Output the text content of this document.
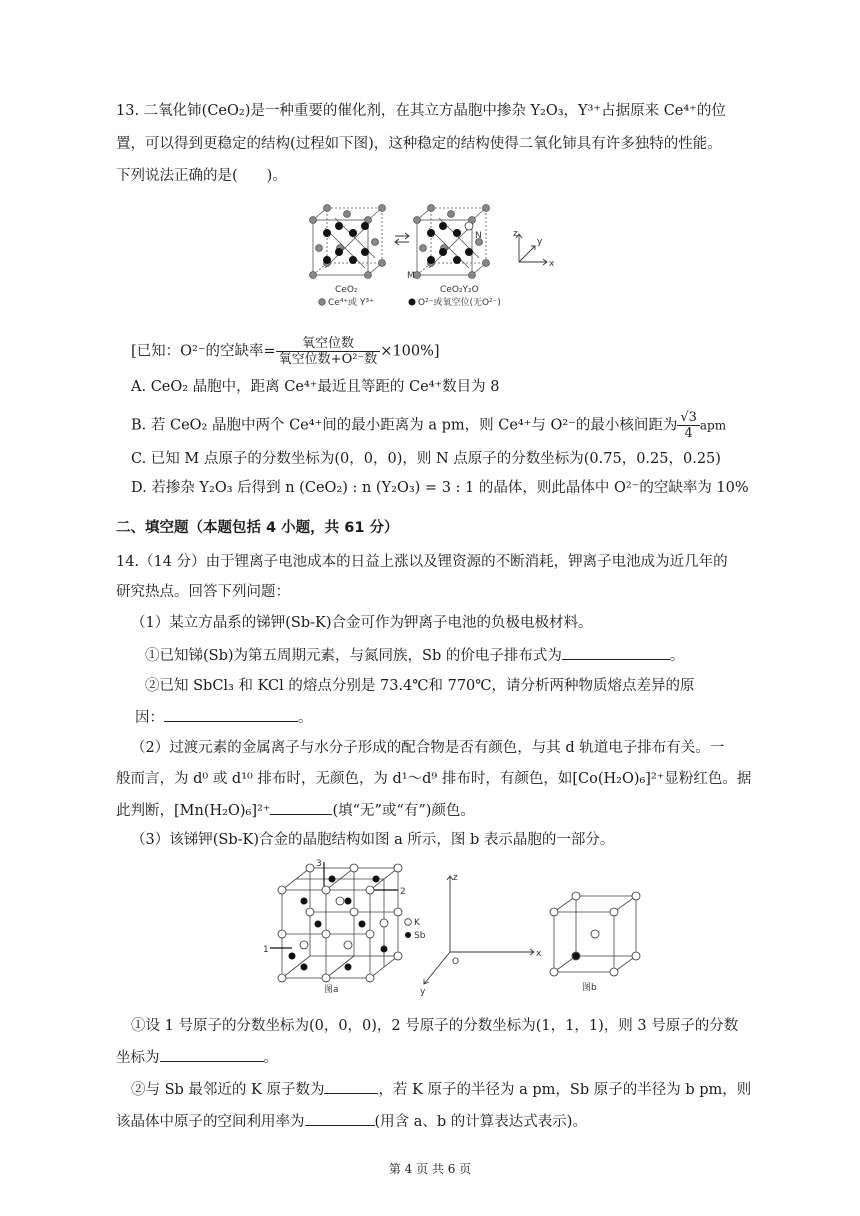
13. 二氧化铈(CeO₂)是一种重要的催化剂，在其立方晶胞中掺杂 Y₂O₃，Y³⁺占据原来 Ce⁴⁺的位
置，可以得到更稳定的结构(过程如下图)，这种稳定的结构使得二氧化铈具有许多独特的性能。
下列说法正确的是(　　)。
M
N
x
y
z
CeO₂	CeO₂Y₂O
Ce⁴⁺或 Y³⁺	O²⁻或氧空位(无O²⁻)
[已知：O²⁻的空缺率= $\frac{\text{氧空位数}}{\text{氧空位数+O²⁻数}} \times 100\%$]
A. CeO₂ 晶胞中，距离 Ce⁴⁺最近且等距的 Ce⁴⁺数目为 8
B. 若 CeO₂ 晶胞中两个 Ce⁴⁺间的最小距离为 a pm，则 Ce⁴⁺与 O²⁻的最小核间距为 $\frac{√3}{4}$ apm
C. 已知 M 点原子的分数坐标为(0，0，0)，则 N 点原子的分数坐标为(0.75，0.25，0.25)
D. 若掺杂 Y₂O₃ 后得到 n (CeO₂) : n (Y₂O₃) = 3 : 1 的晶体，则此晶体中 O²⁻的空缺率为 10%
二、填空题（本题包括 4 小题，共 61 分）
14.（14 分）由于锂离子电池成本的日益上涨以及锂资源的不断消耗，钾离子电池成为近几年的
研究热点。回答下列问题：
（1）某立方晶系的锑钾(Sb-K)合金可作为钾离子电池的负极电极材料。
①已知锑(Sb)为第五周期元素，与氮同族，Sb 的价电子排布式为	。
②已知 SbCl₃ 和 KCl 的熔点分别是 73.4℃和 770℃，请分析两种物质熔点差异的原
因：	。
（2）过渡元素的金属离子与水分子形成的配合物是否有颜色，与其 d 轨道电子排布有关。一
般而言，为 d⁰ 或 d¹⁰ 排布时，无颜色，为 d¹～d⁹ 排布时，有颜色，如[Co(H₂O)₆]²⁺显粉红色。据
此判断，[Mn(H₂O)₆]²⁺	(填“无”或“有”)颜色。
（3）该锑钾(Sb-K)合金的晶胞结构如图 a 所示，图 b 表示晶胞的一部分。
3
2
1
K
Sb
图a
x
z
y
O
图b
①设 1 号原子的分数坐标为(0，0，0)，2 号原子的分数坐标为(1，1，1)，则 3 号原子的分数
坐标为	。
②与 Sb 最邻近的 K 原子数为	，若 K 原子的半径为 a pm，Sb 原子的半径为 b pm，则
该晶体中原子的空间利用率为	(用含 a、b 的计算表达式表示)。
第 4 页 共 6 页
